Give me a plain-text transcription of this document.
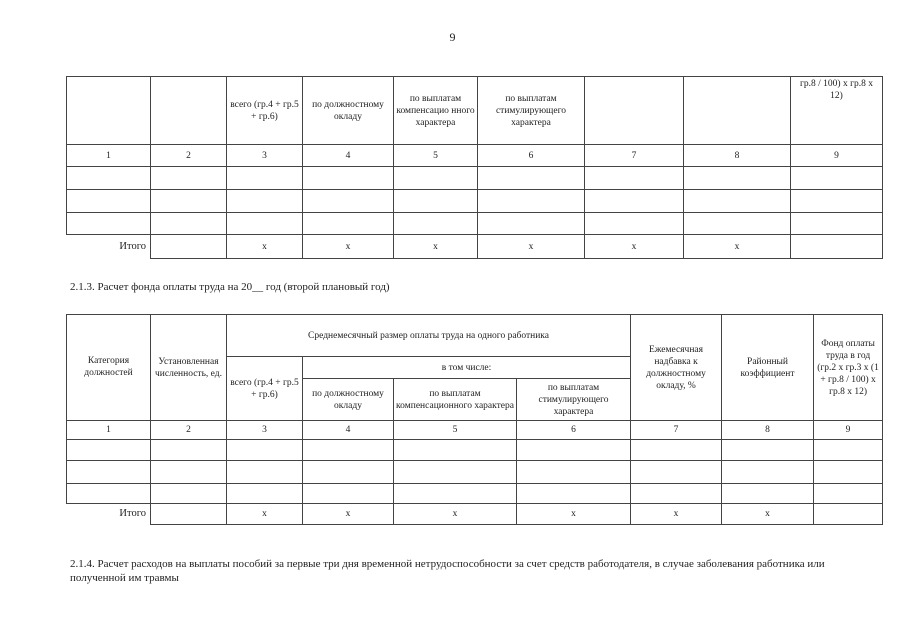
9
		всего (гр.4 + гр.5 + гр.6)	по должностному окладу	по выплатам компенсацио нного характера	по выплатам стимулирующего характера			гр.8 / 100) x гр.8 x 12)
1	2	3	4	5	6	7	8	9

Итого		х	х	х	х	х	х	
2.1.3. Расчет фонда оплаты труда на 20__ год (второй плановый год)
Категория должностей	Установленная численность, ед.	Среднемесячный размер оплаты труда на одного работника				Ежемесячная надбавка к должностному окладу, %	Районный коэффициент	Фонд оплаты труда в год (гр.2 x гр.3 x (1 + гр.8 / 100) x гр.8 x 12)
		всего (гр.4 + гр.5 + гр.6)	в том числе:					
			по должностному окладу	по выплатам компенсационного характера	по выплатам стимулирующего характера			
1	2	3	4	5	6	7	8	9

Итого		х	х	х	х	х	х	
2.1.4. Расчет расходов на выплаты пособий за первые три дня временной нетрудоспособности за счет средств работодателя, в случае заболевания работника или полученной им травмы
